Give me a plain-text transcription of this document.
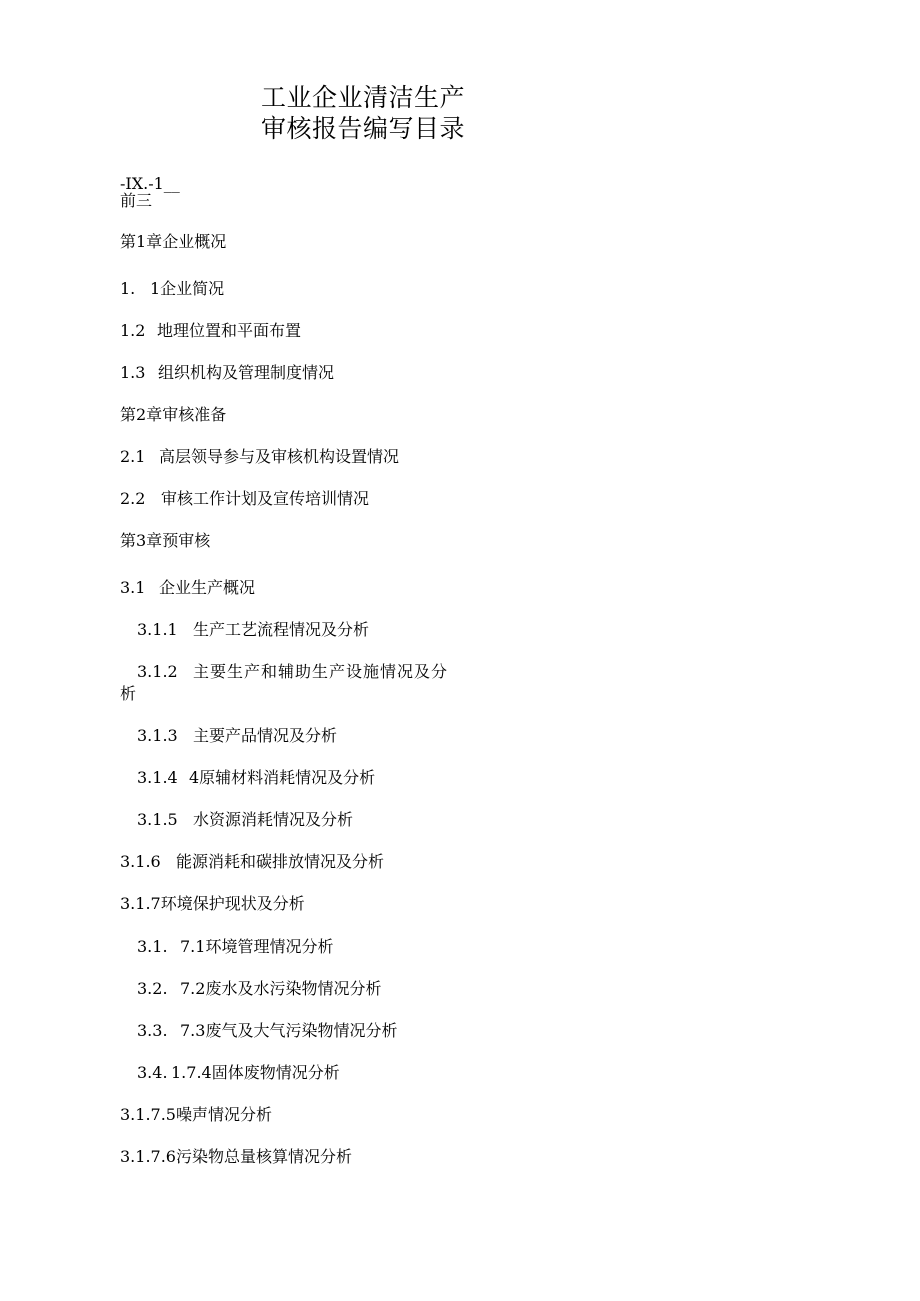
工业企业清洁生产
审核报告编写目录
-IX.-1__
前三
第1章企业概况
1. 1企业简况
1.2 地理位置和平面布置
1.3 组织机构及管理制度情况
第2章审核准备
2.1 高层领导参与及审核机构设置情况
2.2 审核工作计划及宣传培训情况
第3章预审核
3.1 企业生产概况
3.1.1 生产工艺流程情况及分析
3.1.2 主要生产和辅助生产设施情况及分
析
3.1.3 主要产品情况及分析
3.1.4 4原辅材料消耗情况及分析
3.1.5 水资源消耗情况及分析
3.1.6 能源消耗和碳排放情况及分析
3.1.7环境保护现状及分析
3.1. 7.1环境管理情况分析
3.2. 7.2废水及水污染物情况分析
3.3. 7.3废气及大气污染物情况分析
3.4. 1.7.4固体废物情况分析
3.1.7.5噪声情况分析
3.1.7.6污染物总量核算情况分析
